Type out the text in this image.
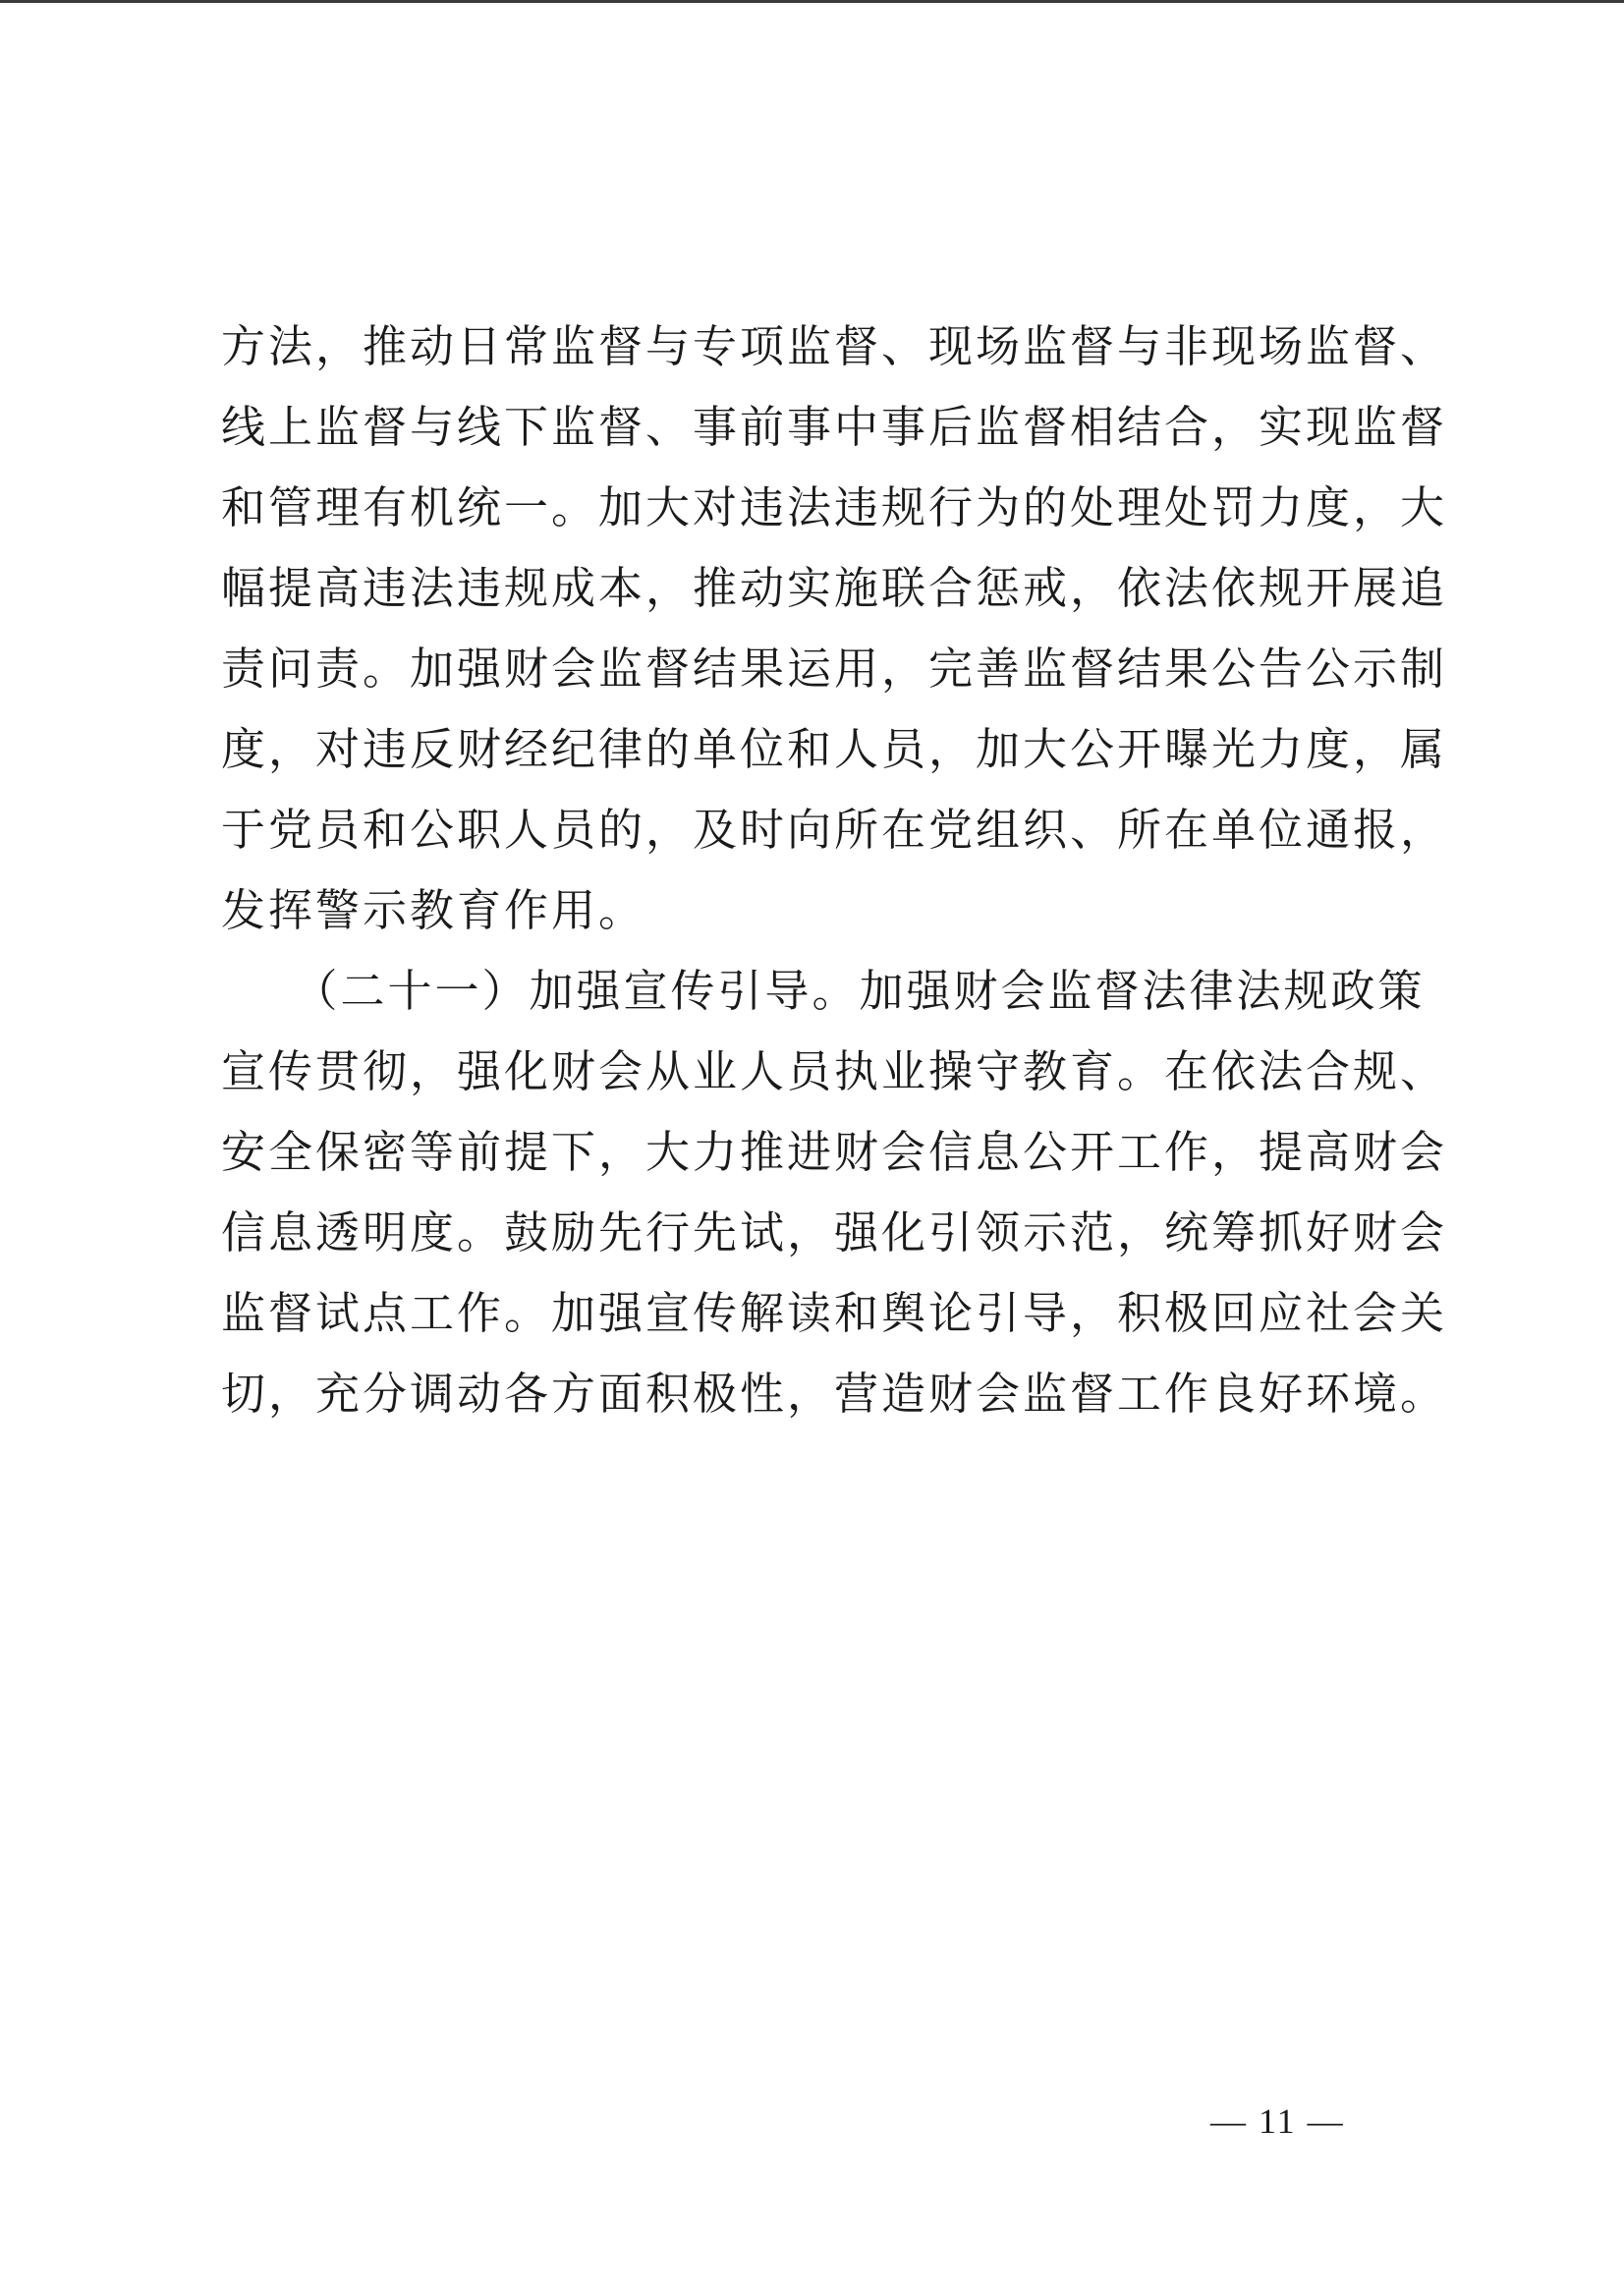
方法，推动日常监督与专项监督、现场监督与非现场监督、
线上监督与线下监督、事前事中事后监督相结合，实现监督
和管理有机统一。加大对违法违规行为的处理处罚力度，大
幅提高违法违规成本，推动实施联合惩戒，依法依规开展追
责问责。加强财会监督结果运用，完善监督结果公告公示制
度，对违反财经纪律的单位和人员，加大公开曝光力度，属
于党员和公职人员的，及时向所在党组织、所在单位通报，
发挥警示教育作用。
　　（二十一）加强宣传引导。加强财会监督法律法规政策
宣传贯彻，强化财会从业人员执业操守教育。在依法合规、
安全保密等前提下，大力推进财会信息公开工作，提高财会
信息透明度。鼓励先行先试，强化引领示范，统筹抓好财会
监督试点工作。加强宣传解读和舆论引导，积极回应社会关
切，充分调动各方面积极性，营造财会监督工作良好环境。
— 11 —
